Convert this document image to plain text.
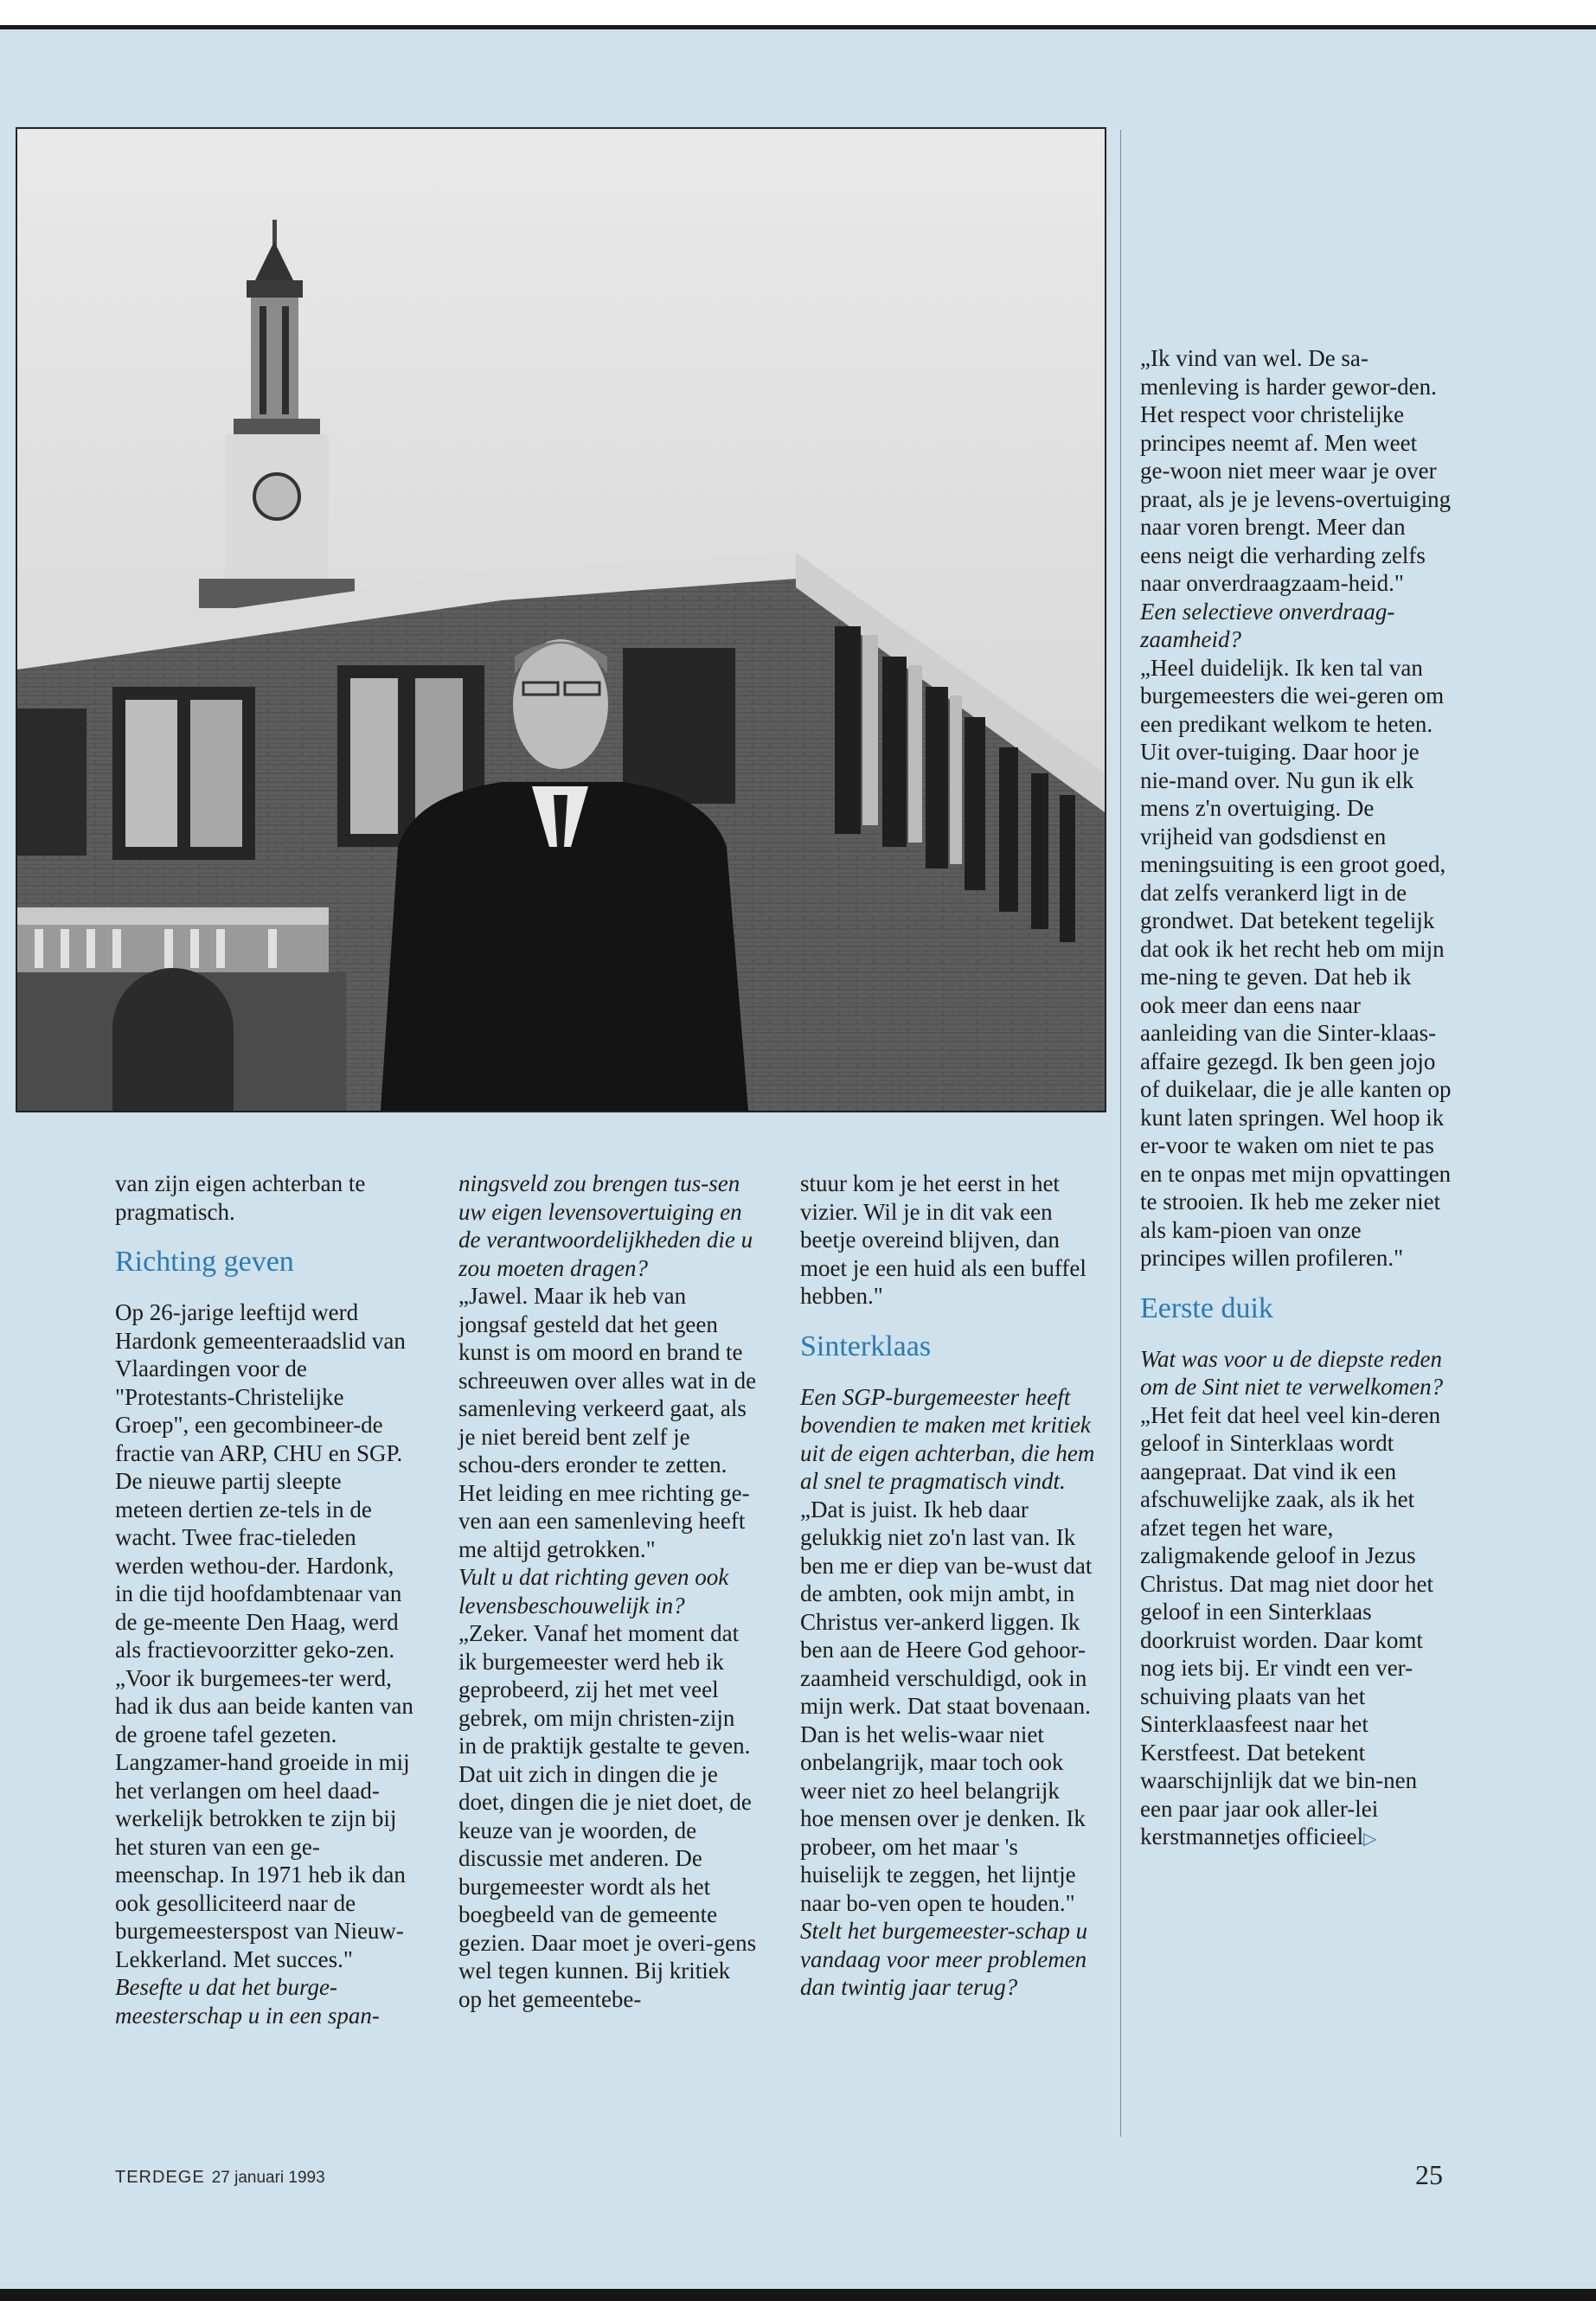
van zijn eigen achterban te pragmatisch.

Richting geven

Op 26-jarige leeftijd werd Hardonk gemeenteraadslid van Vlaardingen voor de "Protestants-Christelijke Groep", een gecombineer-de fractie van ARP, CHU en SGP. De nieuwe partij sleepte meteen dertien ze-tels in de wacht. Twee frac-tieleden werden wethou-der. Hardonk, in die tijd hoofdambtenaar van de ge-meente Den Haag, werd als fractievoorzitter geko-zen. „Voor ik burgemees-ter werd, had ik dus aan beide kanten van de groene tafel gezeten. Langzamer-hand groeide in mij het verlangen om heel daad-werkelijk betrokken te zijn bij het sturen van een ge-meenschap. In 1971 heb ik dan ook gesolliciteerd naar de burgemeesterspost van Nieuw-Lekkerland. Met succes."

Besefte u dat het burge-meesterschap u in een span-

ningsveld zou brengen tus-sen uw eigen levensovertuiging en de verantwoordelijkheden die u zou moeten dragen?

„Jawel. Maar ik heb van jongsaf gesteld dat het geen kunst is om moord en brand te schreeuwen over alles wat in de samenleving verkeerd gaat, als je niet bereid bent zelf je schou-ders eronder te zetten. Het leiding en mee richting ge-ven aan een samenleving heeft me altijd getrokken."

Vult u dat richting geven ook levensbeschouwelijk in?

„Zeker. Vanaf het moment dat ik burgemeester werd heb ik geprobeerd, zij het met veel gebrek, om mijn christen-zijn in de praktijk gestalte te geven. Dat uit zich in dingen die je doet, dingen die je niet doet, de keuze van je woorden, de discussie met anderen. De burgemeester wordt als het boegbeeld van de gemeente gezien. Daar moet je overi-gens wel tegen kunnen. Bij kritiek op het gemeentebe-

stuur kom je het eerst in het vizier. Wil je in dit vak een beetje overeind blijven, dan moet je een huid als een buffel hebben."

Sinterklaas

Een SGP-burgemeester heeft bovendien te maken met kritiek uit de eigen achterban, die hem al snel te pragmatisch vindt.

„Dat is juist. Ik heb daar gelukkig niet zo'n last van. Ik ben me er diep van be-wust dat de ambten, ook mijn ambt, in Christus ver-ankerd liggen. Ik ben aan de Heere God gehoor-zaamheid verschuldigd, ook in mijn werk. Dat staat bovenaan. Dan is het welis-waar niet onbelangrijk, maar toch ook weer niet zo heel belangrijk hoe mensen over je denken. Ik probeer, om het maar 's huiselijk te zeggen, het lijntje naar bo-ven open te houden."

Stelt het burgemeester-schap u vandaag voor meer problemen dan twintig jaar terug?

„Ik vind van wel. De sa-menleving is harder gewor-den. Het respect voor christelijke principes neemt af. Men weet ge-woon niet meer waar je over praat, als je je levens-overtuiging naar voren brengt. Meer dan eens neigt die verharding zelfs naar onverdraagzaam-heid."

Een selectieve onverdraag-zaamheid?

„Heel duidelijk. Ik ken tal van burgemeesters die wei-geren om een predikant welkom te heten. Uit over-tuiging. Daar hoor je nie-mand over. Nu gun ik elk mens z'n overtuiging. De vrijheid van godsdienst en meningsuiting is een groot goed, dat zelfs verankerd ligt in de grondwet. Dat betekent tegelijk dat ook ik het recht heb om mijn me-ning te geven. Dat heb ik ook meer dan eens naar aanleiding van die Sinter-klaas-affaire gezegd. Ik ben geen jojo of duikelaar, die je alle kanten op kunt laten springen. Wel hoop ik er-voor te waken om niet te pas en te onpas met mijn opvattingen te strooien. Ik heb me zeker niet als kam-pioen van onze principes willen profileren."

Eerste duik

Wat was voor u de diepste reden om de Sint niet te verwelkomen?

„Het feit dat heel veel kin-deren geloof in Sinterklaas wordt aangepraat. Dat vind ik een afschuwelijke zaak, als ik het afzet tegen het ware, zaligmakende geloof in Jezus Christus. Dat mag niet door het geloof in een Sinterklaas doorkruist worden. Daar komt nog iets bij. Er vindt een ver-schuiving plaats van het Sinterklaasfeest naar het Kerstfeest. Dat betekent waarschijnlijk dat we bin-nen een paar jaar ook aller-lei kerstmannetjes officieel▷

TERDEGE 27 januari 1993	25
